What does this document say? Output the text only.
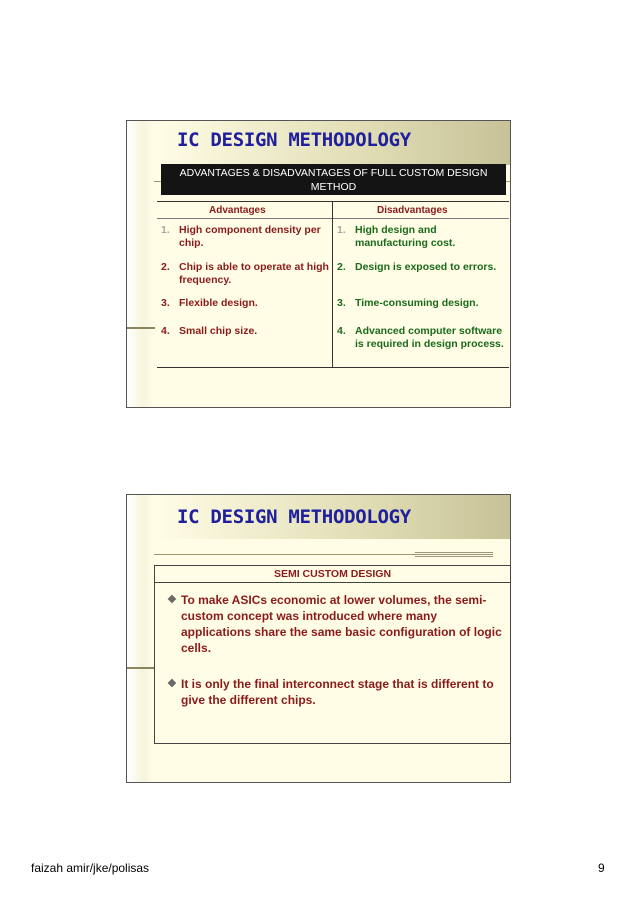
IC DESIGN METHODOLOGY
ADVANTAGES & DISADVANTAGES OF FULL CUSTOM DESIGN
METHOD
Advantages	Disadvantages
1. High component density per chip.
2. Chip is able to operate at high frequency.
3. Flexible design.
4. Small chip size.
1. High design and manufacturing cost.
2. Design is exposed to errors.
3. Time-consuming design.
4. Advanced computer software is required in design process.
IC DESIGN METHODOLOGY
SEMI CUSTOM DESIGN
❖ To make ASICs economic at lower volumes, the semi-custom concept was introduced where many applications share the same basic configuration of logic cells.
❖ It is only the final interconnect stage that is different to give the different chips.
faizah amir/jke/polisas	9
